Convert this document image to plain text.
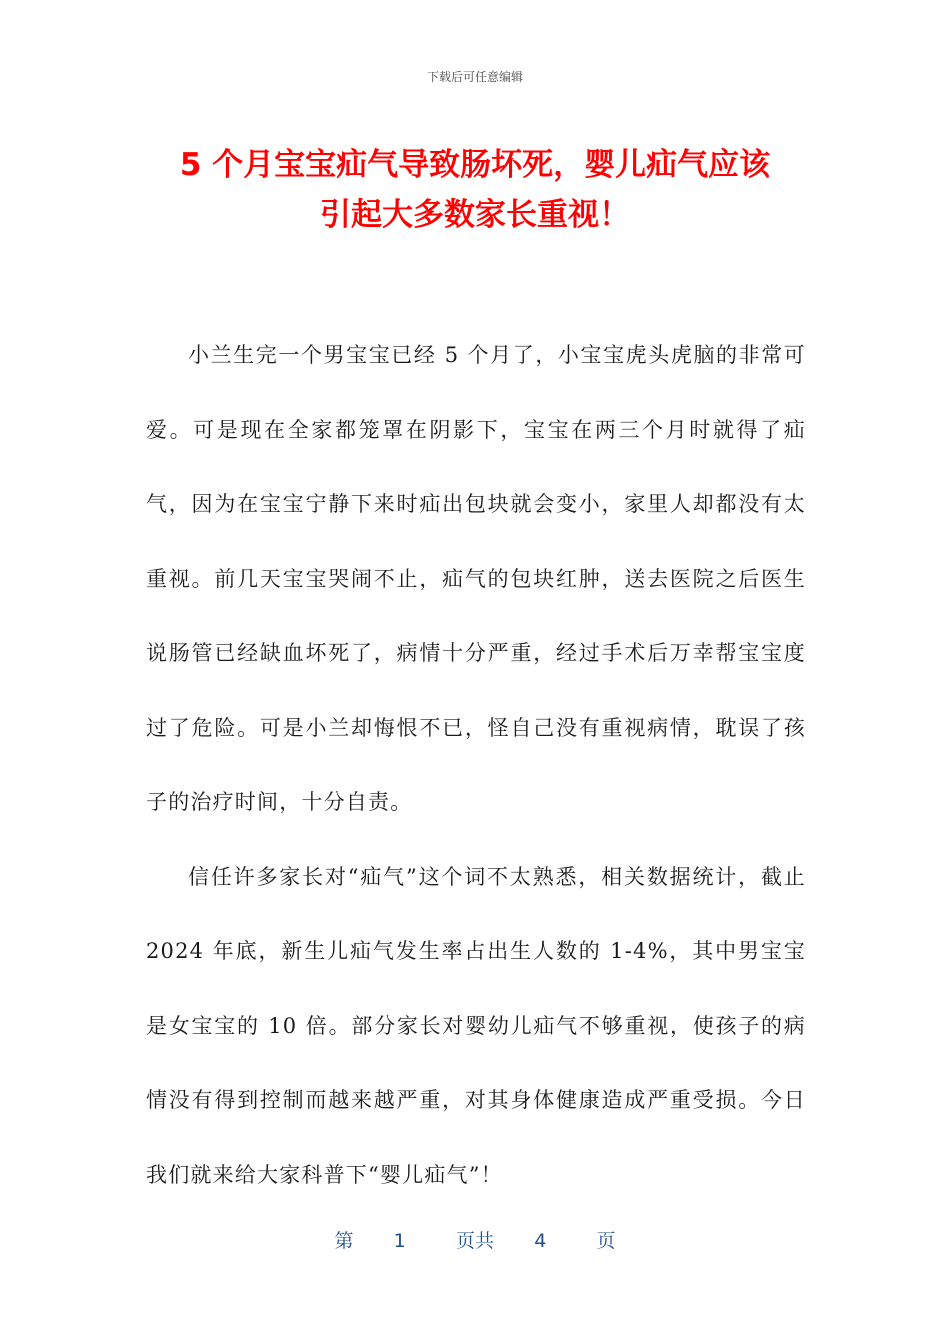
下载后可任意编辑
5 个月宝宝疝气导致肠坏死，婴儿疝气应该
引起大多数家长重视！

小兰生完一个男宝宝已经 5 个月了，小宝宝虎头虎脑的非常可爱。可是现在全家都笼罩在阴影下，宝宝在两三个月时就得了疝气，因为在宝宝宁静下来时疝出包块就会变小，家里人却都没有太重视。前几天宝宝哭闹不止，疝气的包块红肿，送去医院之后医生说肠管已经缺血坏死了，病情十分严重，经过手术后万幸帮宝宝度过了危险。可是小兰却悔恨不已，怪自己没有重视病情，耽误了孩子的治疗时间，十分自责。

信任许多家长对“疝气”这个词不太熟悉，相关数据统计，截止 2024 年底，新生儿疝气发生率占出生人数的 1-4%，其中男宝宝是女宝宝的 10 倍。部分家长对婴幼儿疝气不够重视，使孩子的病情没有得到控制而越来越严重，对其身体健康造成严重受损。今日我们就来给大家科普下“婴儿疝气”！

第 1	页共 4	页
